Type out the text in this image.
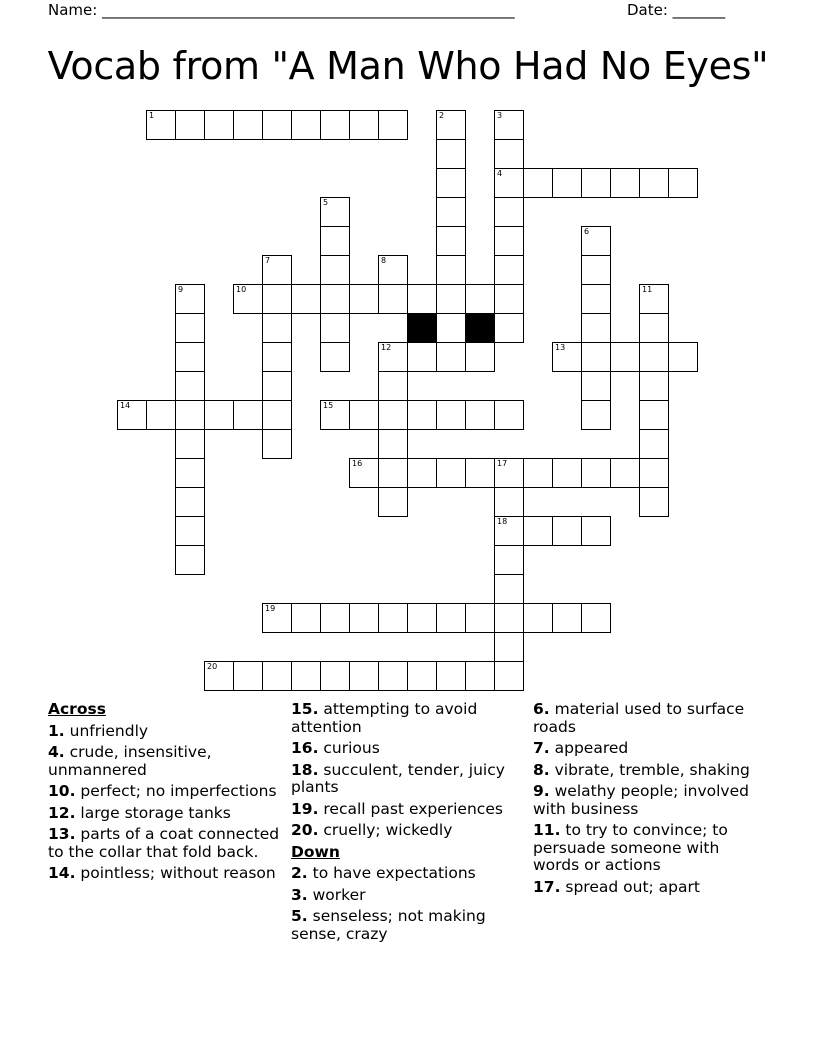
Name: _______________________________________________________	Date: _______
Vocab from "A Man Who Had No Eyes"
1	2	3
4
5
6
7	8
9	10	11
12	13
14	15
16	17
18
19
20
Across
1. unfriendly
4. crude, insensitive, unmannered
10. perfect; no imperfections
12. large storage tanks
13. parts of a coat connected to the collar that fold back.
14. pointless; without reason
15. attempting to avoid attention
16. curious
18. succulent, tender, juicy plants
19. recall past experiences
20. cruelly; wickedly
Down
2. to have expectations
3. worker
5. senseless; not making sense, crazy
6. material used to surface roads
7. appeared
8. vibrate, tremble, shaking
9. welathy people; involved with business
11. to try to convince; to persuade someone with words or actions
17. spread out; apart
